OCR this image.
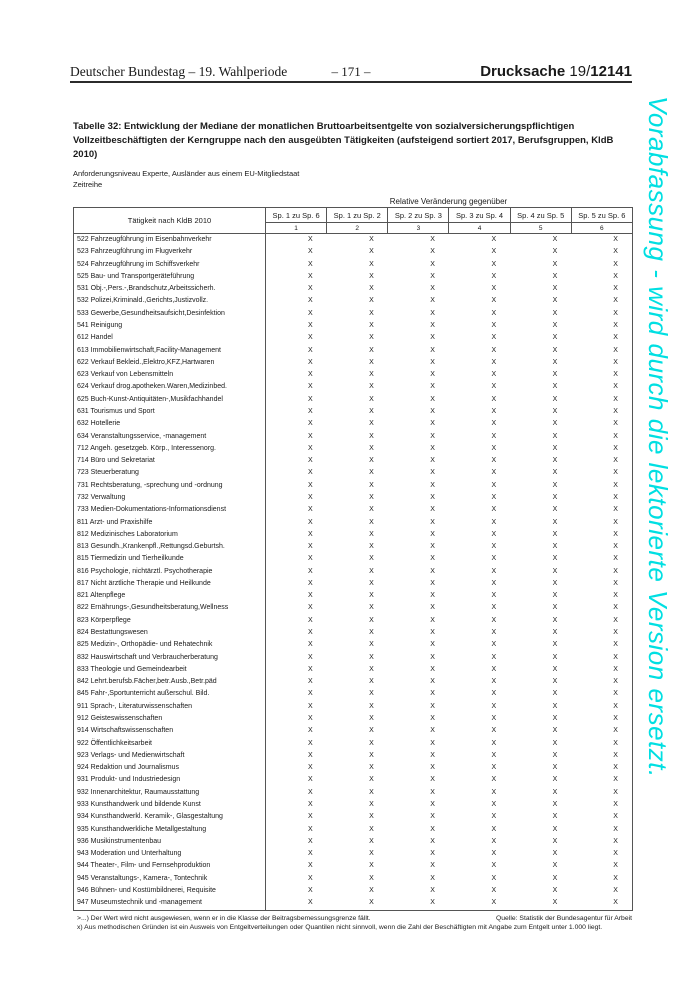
Deutscher Bundestag – 19. Wahlperiode	– 171 –	Drucksache 19/12141
Vorabfassung - wird durch die lektorierte Version ersetzt.
Tabelle 32: Entwicklung der Mediane der monatlichen Bruttoarbeitsentgelte von sozialversicherungspflichtigen Vollzeitbeschäftigten der Kerngruppe nach den ausgeübten Tätigkeiten (aufsteigend sortiert 2017, Berufsgruppen, KldB 2010)
Anforderungsniveau Experte, Ausländer aus einem EU-Mitgliedstaat
Zeitreihe
Relative Veränderung gegenüber
Tätigkeit nach KldB 2010	Sp. 1 zu Sp. 6	Sp. 1 zu Sp. 2	Sp. 2 zu Sp. 3	Sp. 3 zu Sp. 4	Sp. 4 zu Sp. 5	Sp. 5 zu Sp. 6
	1	2	3	4	5	6
522 Fahrzeugführung im Eisenbahnverkehr	X	X	X	X	X	X
523 Fahrzeugführung im Flugverkehr	X	X	X	X	X	X
524 Fahrzeugführung im Schiffsverkehr	X	X	X	X	X	X
525 Bau- und Transportgeräteführung	X	X	X	X	X	X
531 Obj.-,Pers.-,Brandschutz,Arbeitssicherh.	X	X	X	X	X	X
532 Polizei,Kriminald.,Gerichts,Justizvollz.	X	X	X	X	X	X
533 Gewerbe,Gesundheitsaufsicht,Desinfektion	X	X	X	X	X	X
541 Reinigung	X	X	X	X	X	X
612 Handel	X	X	X	X	X	X
613 Immobilienwirtschaft,Facility-Management	X	X	X	X	X	X
622 Verkauf Bekleid.,Elektro,KFZ,Hartwaren	X	X	X	X	X	X
623 Verkauf von Lebensmitteln	X	X	X	X	X	X
624 Verkauf drog.apotheken.Waren,Medizinbed.	X	X	X	X	X	X
625 Buch-Kunst-Antiquitäten-,Musikfachhandel	X	X	X	X	X	X
631 Tourismus und Sport	X	X	X	X	X	X
632 Hotellerie	X	X	X	X	X	X
634 Veranstaltungsservice, -management	X	X	X	X	X	X
712 Angeh. gesetzgeb. Körp., Interessenorg.	X	X	X	X	X	X
714 Büro und Sekretariat	X	X	X	X	X	X
723 Steuerberatung	X	X	X	X	X	X
731 Rechtsberatung, -sprechung und -ordnung	X	X	X	X	X	X
732 Verwaltung	X	X	X	X	X	X
733 Medien-Dokumentations-Informationsdienst	X	X	X	X	X	X
811 Arzt- und Praxishilfe	X	X	X	X	X	X
812 Medizinisches Laboratorium	X	X	X	X	X	X
813 Gesundh.,Krankenpfl.,Rettungsd.Geburtsh.	X	X	X	X	X	X
815 Tiermedizin und Tierheilkunde	X	X	X	X	X	X
816 Psychologie, nichtärztl. Psychotherapie	X	X	X	X	X	X
817 Nicht ärztliche Therapie und Heilkunde	X	X	X	X	X	X
821 Altenpflege	X	X	X	X	X	X
822 Ernährungs-,Gesundheitsberatung,Wellness	X	X	X	X	X	X
823 Körperpflege	X	X	X	X	X	X
824 Bestattungswesen	X	X	X	X	X	X
825 Medizin-, Orthopädie- und Rehatechnik	X	X	X	X	X	X
832 Hauswirtschaft und Verbraucherberatung	X	X	X	X	X	X
833 Theologie und Gemeindearbeit	X	X	X	X	X	X
842 Lehrt.berufsb.Fächer,betr.Ausb.,Betr.päd	X	X	X	X	X	X
845 Fahr-,Sportunterricht außerschul. Bild.	X	X	X	X	X	X
911 Sprach-, Literaturwissenschaften	X	X	X	X	X	X
912 Geisteswissenschaften	X	X	X	X	X	X
914 Wirtschaftswissenschaften	X	X	X	X	X	X
922 Öffentlichkeitsarbeit	X	X	X	X	X	X
923 Verlags- und Medienwirtschaft	X	X	X	X	X	X
924 Redaktion und Journalismus	X	X	X	X	X	X
931 Produkt- und Industriedesign	X	X	X	X	X	X
932 Innenarchitektur, Raumausstattung	X	X	X	X	X	X
933 Kunsthandwerk und bildende Kunst	X	X	X	X	X	X
934 Kunsthandwerkl. Keramik-, Glasgestaltung	X	X	X	X	X	X
935 Kunsthandwerkliche Metallgestaltung	X	X	X	X	X	X
936 Musikinstrumentenbau	X	X	X	X	X	X
943 Moderation und Unterhaltung	X	X	X	X	X	X
944 Theater-, Film- und Fernsehproduktion	X	X	X	X	X	X
945 Veranstaltungs-, Kamera-, Tontechnik	X	X	X	X	X	X
946 Bühnen- und Kostümbildnerei, Requisite	X	X	X	X	X	X
947 Museumstechnik und -management	X	X	X	X	X	X
>...) Der Wert wird nicht ausgewiesen, wenn er in die Klasse der Beitragsbemessungsgrenze fällt.	Quelle: Statistik der Bundesagentur für Arbeit
x) Aus methodischen Gründen ist ein Ausweis von Entgeltverteilungen oder Quantilen nicht sinnvoll, wenn die Zahl der Beschäftigten mit Angabe zum Entgelt unter 1.000 liegt.
